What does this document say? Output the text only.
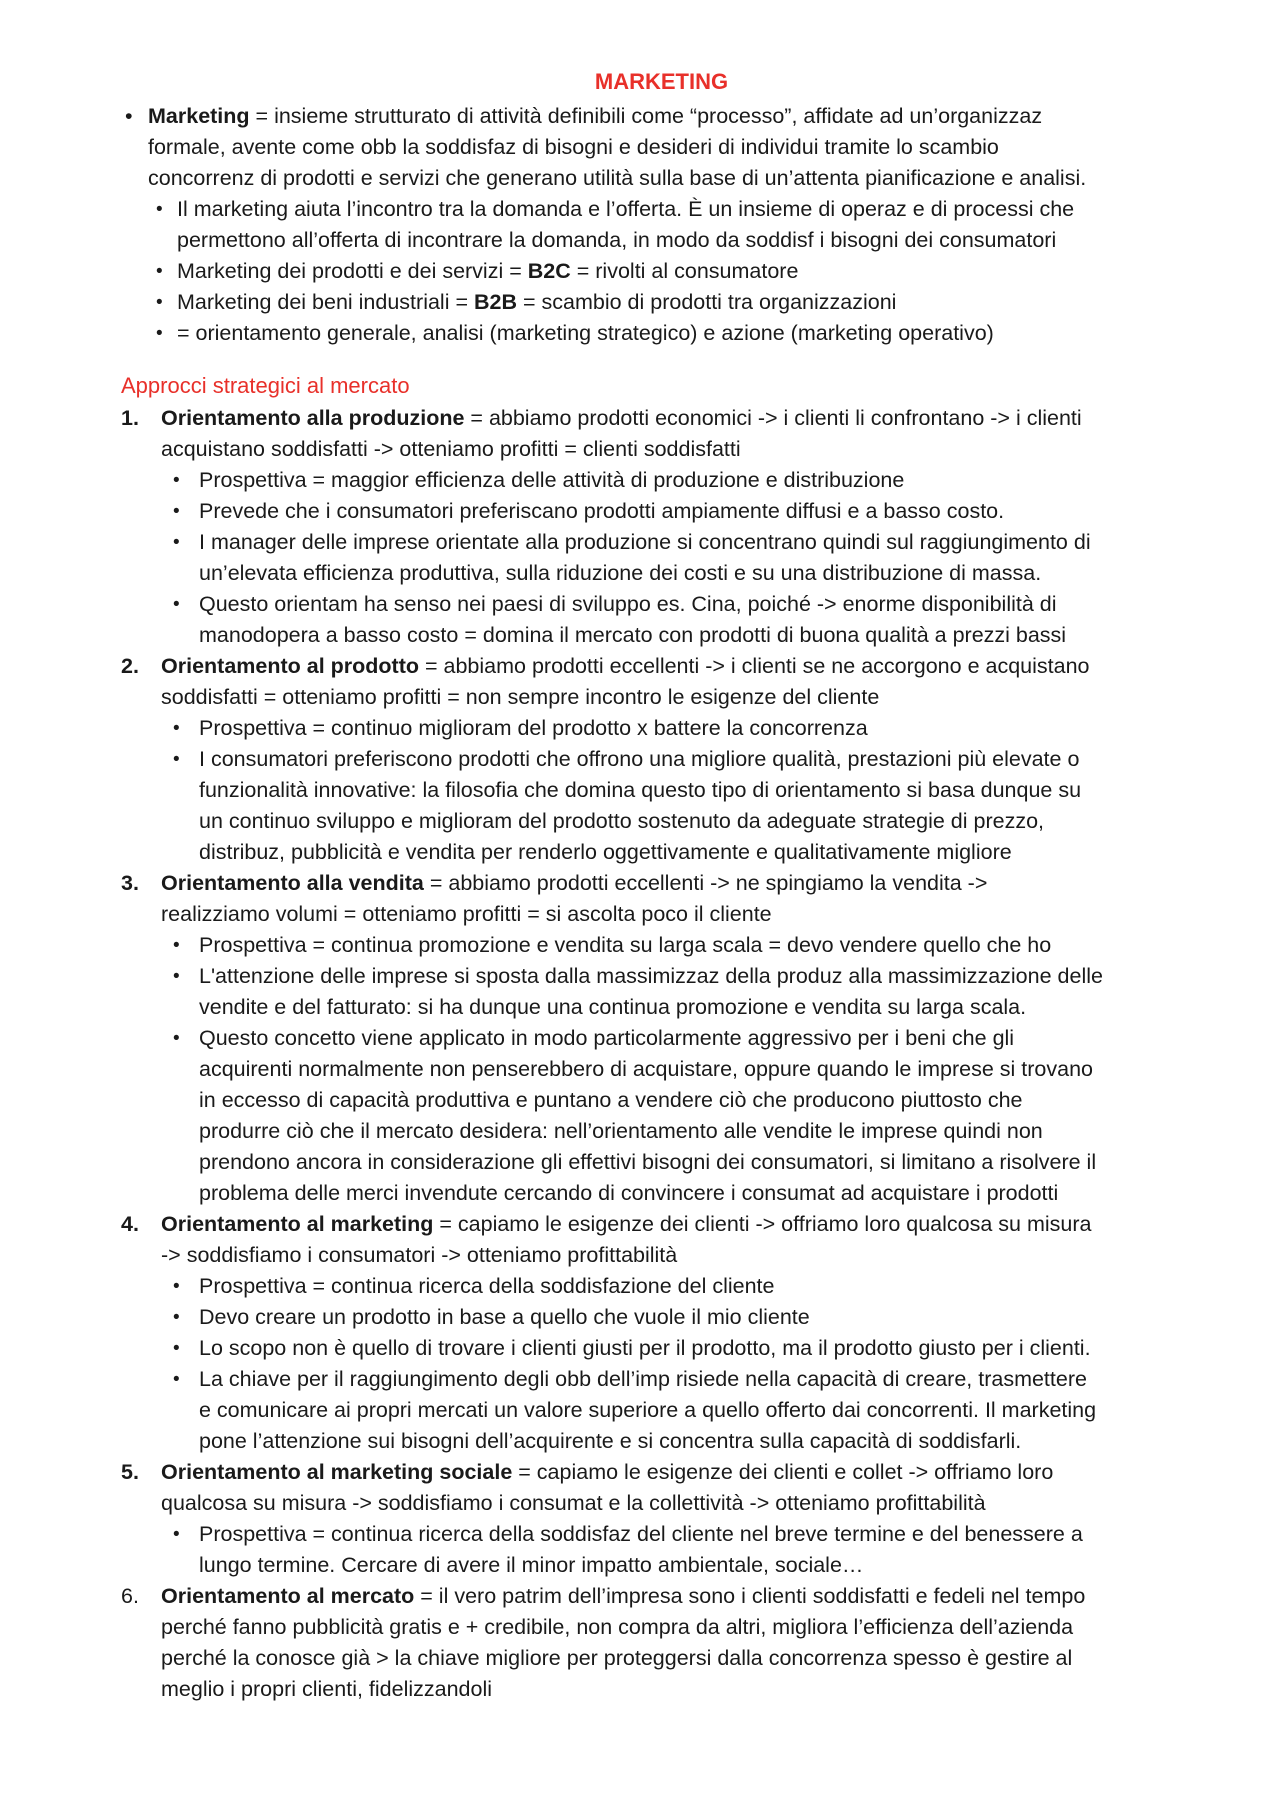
MARKETING
• Marketing = insieme strutturato di attività definibili come “processo”, affidate ad un’organizzaz
formale, avente come obb la soddisfaz di bisogni e desideri di individui tramite lo scambio
concorrenz di prodotti e servizi che generano utilità sulla base di un’attenta pianificazione e analisi.
• Il marketing aiuta l’incontro tra la domanda e l’offerta. È un insieme di operaz e di processi che
permettono all’offerta di incontrare la domanda, in modo da soddisf i bisogni dei consumatori
• Marketing dei prodotti e dei servizi = B2C = rivolti al consumatore
• Marketing dei beni industriali = B2B = scambio di prodotti tra organizzazioni
• = orientamento generale, analisi (marketing strategico) e azione (marketing operativo)
Approcci strategici al mercato
1. Orientamento alla produzione = abbiamo prodotti economici -> i clienti li confrontano -> i clienti
acquistano soddisfatti -> otteniamo profitti = clienti soddisfatti
• Prospettiva = maggior efficienza delle attività di produzione e distribuzione
• Prevede che i consumatori preferiscano prodotti ampiamente diffusi e a basso costo.
• I manager delle imprese orientate alla produzione si concentrano quindi sul raggiungimento di
un’elevata efficienza produttiva, sulla riduzione dei costi e su una distribuzione di massa.
• Questo orientam ha senso nei paesi di sviluppo es. Cina, poiché -> enorme disponibilità di
manodopera a basso costo = domina il mercato con prodotti di buona qualità a prezzi bassi
2. Orientamento al prodotto = abbiamo prodotti eccellenti -> i clienti se ne accorgono e acquistano
soddisfatti = otteniamo profitti = non sempre incontro le esigenze del cliente
• Prospettiva = continuo miglioram del prodotto x battere la concorrenza
• I consumatori preferiscono prodotti che offrono una migliore qualità, prestazioni più elevate o
funzionalità innovative: la filosofia che domina questo tipo di orientamento si basa dunque su
un continuo sviluppo e miglioram del prodotto sostenuto da adeguate strategie di prezzo,
distribuz, pubblicità e vendita per renderlo oggettivamente e qualitativamente migliore
3. Orientamento alla vendita = abbiamo prodotti eccellenti -> ne spingiamo la vendita ->
realizziamo volumi = otteniamo profitti = si ascolta poco il cliente
• Prospettiva = continua promozione e vendita su larga scala = devo vendere quello che ho
• L'attenzione delle imprese si sposta dalla massimizzaz della produz alla massimizzazione delle
vendite e del fatturato: si ha dunque una continua promozione e vendita su larga scala.
• Questo concetto viene applicato in modo particolarmente aggressivo per i beni che gli
acquirenti normalmente non penserebbero di acquistare, oppure quando le imprese si trovano
in eccesso di capacità produttiva e puntano a vendere ciò che producono piuttosto che
produrre ciò che il mercato desidera: nell’orientamento alle vendite le imprese quindi non
prendono ancora in considerazione gli effettivi bisogni dei consumatori, si limitano a risolvere il
problema delle merci invendute cercando di convincere i consumat ad acquistare i prodotti
4. Orientamento al marketing = capiamo le esigenze dei clienti -> offriamo loro qualcosa su misura
-> soddisfiamo i consumatori -> otteniamo profittabilità
• Prospettiva = continua ricerca della soddisfazione del cliente
• Devo creare un prodotto in base a quello che vuole il mio cliente
• Lo scopo non è quello di trovare i clienti giusti per il prodotto, ma il prodotto giusto per i clienti.
• La chiave per il raggiungimento degli obb dell’imp risiede nella capacità di creare, trasmettere
e comunicare ai propri mercati un valore superiore a quello offerto dai concorrenti. Il marketing
pone l’attenzione sui bisogni dell’acquirente e si concentra sulla capacità di soddisfarli.
5. Orientamento al marketing sociale = capiamo le esigenze dei clienti e collet -> offriamo loro
qualcosa su misura -> soddisfiamo i consumat e la collettività -> otteniamo profittabilità
• Prospettiva = continua ricerca della soddisfaz del cliente nel breve termine e del benessere a
lungo termine. Cercare di avere il minor impatto ambientale, sociale…
6. Orientamento al mercato = il vero patrim dell’impresa sono i clienti soddisfatti e fedeli nel tempo
perché fanno pubblicità gratis e + credibile, non compra da altri, migliora l’efficienza dell’azienda
perché la conosce già > la chiave migliore per proteggersi dalla concorrenza spesso è gestire al
meglio i propri clienti, fidelizzandoli
